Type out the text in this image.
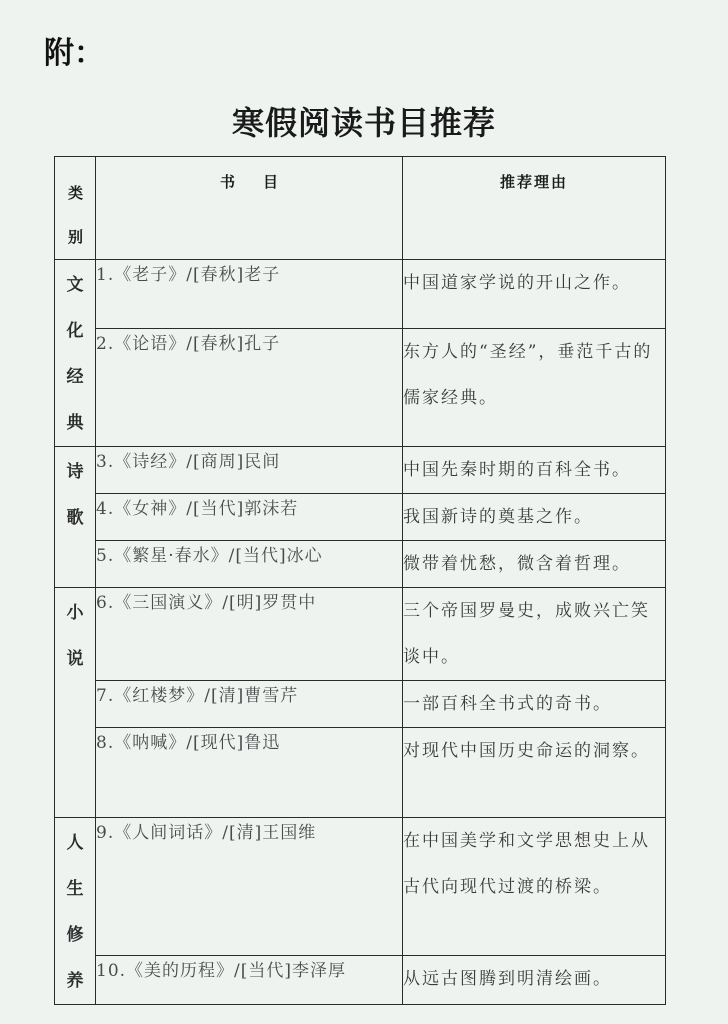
附：
寒假阅读书目推荐
类别	书目	推荐理由

文化经典	1.《老子》/[春秋]老子	中国道家学说的开山之作。
	2.《论语》/[春秋]孔子	东方人的“圣经”，垂范千古的儒家经典。

诗歌	3.《诗经》/[商周]民间	中国先秦时期的百科全书。
	4.《女神》/[当代]郭沫若	我国新诗的奠基之作。
	5.《繁星·春水》/[当代]冰心	微带着忧愁，微含着哲理。

小说	6.《三国演义》/[明]罗贯中	三个帝国罗曼史，成败兴亡笑谈中。
	7.《红楼梦》/[清]曹雪芹	一部百科全书式的奇书。
	8.《呐喊》/[现代]鲁迅	对现代中国历史命运的洞察。

人生修养	9.《人间词话》/[清]王国维	在中国美学和文学思想史上从古代向现代过渡的桥梁。
	10.《美的历程》/[当代]李泽厚	从远古图腾到明清绘画。
